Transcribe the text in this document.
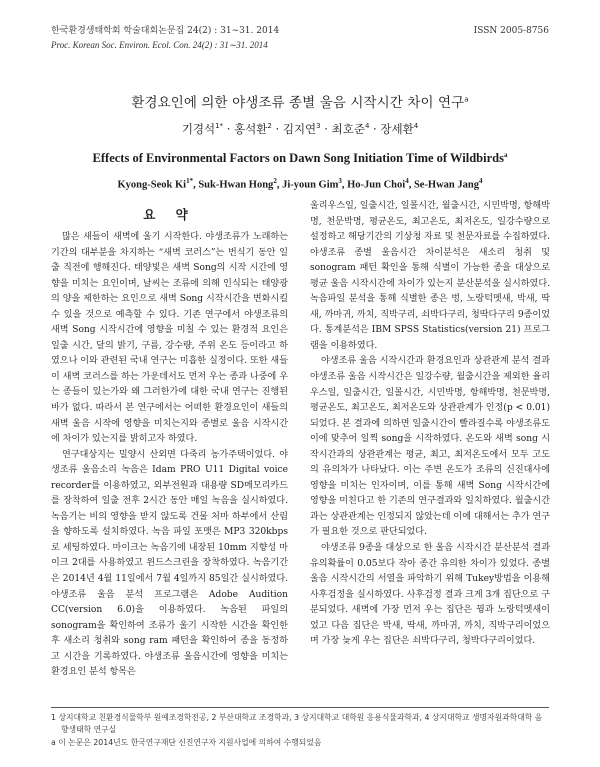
한국환경생태학회 학술대회논문집 24(2) : 31∼31. 2014	ISSN 2005-8756
Proc. Korean Soc. Environ. Ecol. Con. 24(2) : 31∼31. 2014
환경요인에 의한 야생조류 종별 울음 시작시간 차이 연구$^a$
기경석$^{1*}$ · 홍석환$^2$ · 김지연$^3$ · 최호준$^4$ · 장세환$^4$
Effects of Environmental Factors on Dawn Song Initiation Time of Wildbirds$^a$
Kyong-Seok $Ki^{1*}$, Suk-Hwan Hong$^2$, Ji-youn Gim$^3$, Ho-Jun Choi$^4$, Se-Hwan Jang$^4$
요 약

많은 새들이 새벽에 울기 시작한다. 야생조류가 노래하는 기간의 대부분을 차지하는 “새벽 코러스”는 번식기 동안 일출 직전에 행해진다. 태양빛은 새벽 Song의 시작 시간에 영향을 미치는 요인이며, 날씨는 조류에 의해 인식되는 태양광의 양을 제한하는 요인으로 새벽 Song 시작시간을 변화시킬 수 있을 것으로 예측할 수 있다. 기존 연구에서 야생조류의 새벽 Song 시작시간에 영향을 미칠 수 있는 환경적 요인은 일출 시간, 달의 밝기, 구름, 강수량, 주위 온도 등이라고 하였으나 이와 관련된 국내 연구는 미흡한 실정이다. 또한 새들이 새벽 코러스를 하는 가운데서도 먼저 우는 종과 나중에 우는 종들이 있는가와 왜 그러한가에 대한 국내 연구는 진행된 바가 없다. 따라서 본 연구에서는 어떠한 환경요인이 새들의 새벽 울음 시작에 영향을 미치는지와 종별로 울음 시작시간에 차이가 있는지를 밝히고자 하였다.

연구대상지는 밀양시 산외면 다죽리 농가주택이었다. 야생조류 울음소리 녹음은 Idam PRO U11 Digital voice recorder를 이용하였고, 외부전원과 대용량 SD메모리카드를 장착하여 일출 전후 2시간 동안 매일 녹음을 실시하였다. 녹음기는 비의 영향을 받지 않도록 건물 처마 하부에서 산림을 향하도록 설치하였다. 녹음 파일 포맷은 MP3 320kbps로 세팅하였다. 마이크는 녹음기에 내장된 10mm 지향성 마이크 2대를 사용하였고 윈드스크린을 장착하였다. 녹음기간은 2014년 4월 11일에서 7월 4일까지 85일간 실시하였다. 야생조류 울음 분석 프로그램은 Adobe Audition CC(version 6.0)을 이용하였다. 녹음된 파일의 sonogram을 확인하여 조류가 울기 시작한 시간을 확인한 후 새소리 청취와 song ram 패턴을 확인하여 종을 동정하고 시간을 기록하였다. 야생조류 울음시간에 영향을 미치는 환경요인 분석 항목은

울리우스일, 일출시간, 일몰시간, 월출시간, 시민박명, 항해박명, 천문박명, 평균온도, 최고온도, 최저온도, 일강수량으로 설정하고 해당기간의 기상청 자료 및 천문자료를 수집하였다. 야생조류 종별 울음시간 차이분석은 새소리 청취 및 sonogram 패턴 확인을 통해 식별이 가능한 종을 대상으로 평균 울음 시작시간에 차이가 있는지 분산분석을 실시하였다. 녹음파일 분석을 통해 식별한 종은 벙, 노랑턱멧새, 박새, 딱새, 까마귀, 까치, 직박구리, 쇠박다구리, 청딱다구리 9종이었다. 통계분석은 IBM SPSS Statistics(version 21) 프로그램을 이용하였다.

야생조류 울음 시작시간과 환경요인과 상관관계 분석 결과 야생조류 울음 시작시간은 일강수량, 월출시간을 제외한 율리우스일, 일출시간, 일몰시간, 시민박명, 항해박명, 천문박명, 평균온도, 최고온도, 최저온도와 상관관계가 인정(p < 0.01)되었다. 본 결과에 의하면 일출시간이 빨라질수록 야생조류도 이에 맞추어 일찍 song을 시작하였다. 온도와 새벽 song 시작시간과의 상관관계는 평균, 최고, 최저온도에서 모두 고도의 유의차가 나타났다. 이는 주변 온도가 조류의 신진대사에 영향을 미치는 인자이며, 이를 통해 새벽 Song 시작시간에 영향을 미친다고 한 기존의 연구결과와 일치하였다. 월출시간과는 상관관계는 인정되지 않았는데 이에 대해서는 추가 연구가 필요한 것으로 판단되었다.

야생조류 9종을 대상으로 한 울음 시작시간 분산분석 결과 유의확률이 0.05보다 작아 종간 유의한 차이가 있었다. 종별 울음 시작시간의 서열을 파악하기 위해 Tukey방법을 이용해 사후검정을 실시하였다. 사후검정 결과 크게 3개 집단으로 구분되었다. 새벽에 가장 먼저 우는 집단은 꿩과 노랑턱멧새이었고 다음 집단은 박새, 딱새, 까마귀, 까치, 직박구리이었으며 가장 늦게 우는 집단은 쇠박다구리, 청박다구리이었다.

1 상지대학교 친환경식물학부 원예조경학전공, 2 부산대학교 조경학과, 3 상지대학교 대학원 응용식물과학과, 4 상지대학교 생명자원과학대학 음향생태학 연구실
a 이 논문은 2014년도 한국연구재단 신진연구자 지원사업에 의하여 수행되었음
